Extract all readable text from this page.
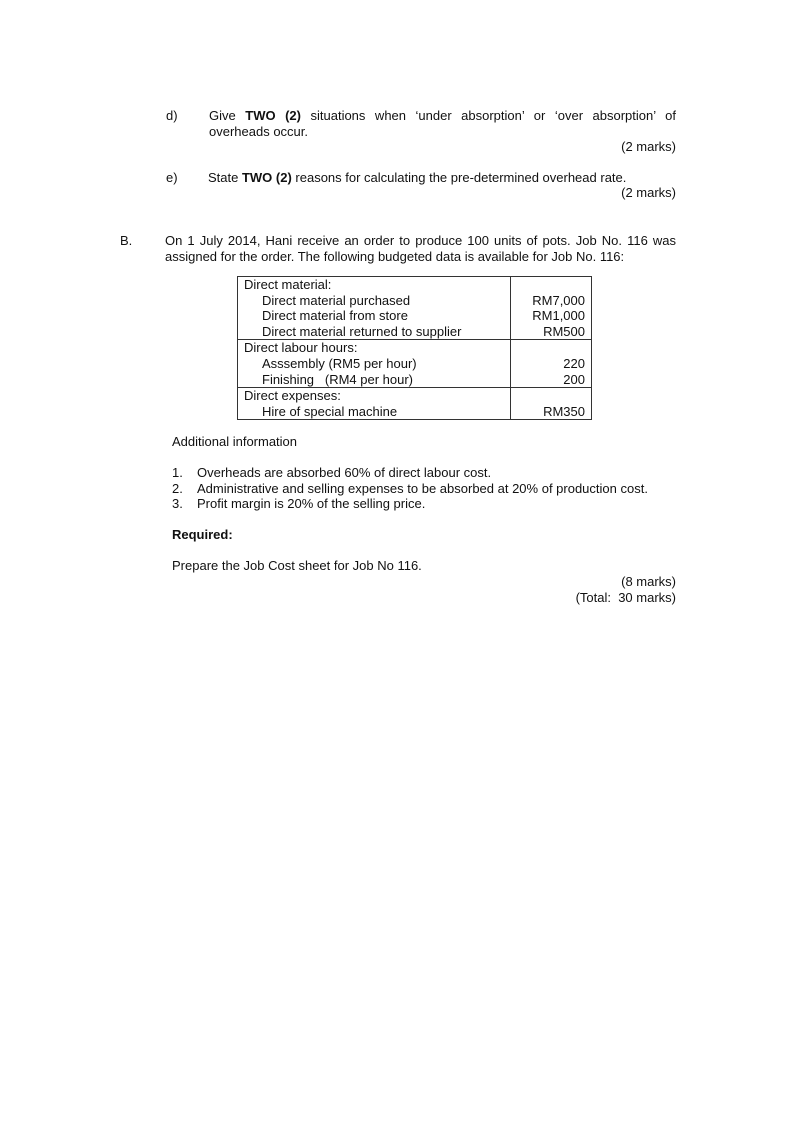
d) Give TWO (2) situations when ‘under absorption’ or ‘over absorption’ of overheads occur.
(2 marks)
e) State TWO (2) reasons for calculating the pre-determined overhead rate.
(2 marks)
B.	On 1 July 2014, Hani receive an order to produce 100 units of pots. Job No. 116 was assigned for the order. The following budgeted data is available for Job No. 116:
Direct material:	
Direct material purchased	RM7,000
Direct material from store	RM1,000
Direct material returned to supplier	RM500
Direct labour hours:	
Asssembly (RM5 per hour)	220
Finishing   (RM4 per hour)	200
Direct expenses:	
Hire of special machine	RM350
Additional information
1. Overheads are absorbed 60% of direct labour cost.
2. Administrative and selling expenses to be absorbed at 20% of production cost.
3. Profit margin is 20% of the selling price.
Required:
Prepare the Job Cost sheet for Job No 116.
(8 marks)
(Total:  30 marks)
